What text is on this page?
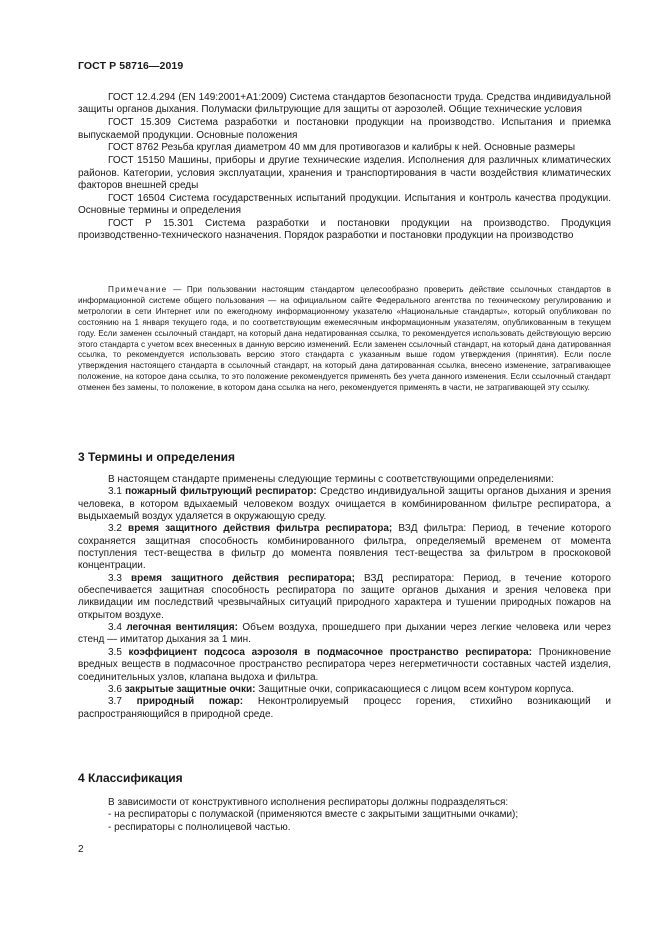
ГОСТ Р 58716—2019

ГОСТ 12.4.294 (EN 149:2001+A1:2009) Система стандартов безопасности труда. Средства индивидуальной защиты органов дыхания. Полумаски фильтрующие для защиты от аэрозолей. Общие технические условия

ГОСТ 15.309 Система разработки и постановки продукции на производство. Испытания и приемка выпускаемой продукции. Основные положения

ГОСТ 8762 Резьба круглая диаметром 40 мм для противогазов и калибры к ней. Основные размеры

ГОСТ 15150 Машины, приборы и другие технические изделия. Исполнения для различных климатических районов. Категории, условия эксплуатации, хранения и транспортирования в части воздействия климатических факторов внешней среды

ГОСТ 16504 Система государственных испытаний продукции. Испытания и контроль качества продукции. Основные термины и определения

ГОСТ Р 15.301 Система разработки и постановки продукции на производство. Продукция производственно-технического назначения. Порядок разработки и постановки продукции на производство

Примечание — При пользовании настоящим стандартом целесообразно проверить действие ссылочных стандартов в информационной системе общего пользования — на официальном сайте Федерального агентства по техническому регулированию и метрологии в сети Интернет или по ежегодному информационному указателю «Национальные стандарты», который опубликован по состоянию на 1 января текущего года, и по соответствующим ежемесячным информационным указателям, опубликованным в текущем году. Если заменен ссылочный стандарт, на который дана недатированная ссылка, то рекомендуется использовать действующую версию этого стандарта с учетом всех внесенных в данную версию изменений. Если заменен ссылочный стандарт, на который дана датированная ссылка, то рекомендуется использовать версию этого стандарта с указанным выше годом утверждения (принятия). Если после утверждения настоящего стандарта в ссылочный стандарт, на который дана датированная ссылка, внесено изменение, затрагивающее положение, на которое дана ссылка, то это положение рекомендуется применять без учета данного изменения. Если ссылочный стандарт отменен без замены, то положение, в котором дана ссылка на него, рекомендуется применять в части, не затрагивающей эту ссылку.

3 Термины и определения

В настоящем стандарте применены следующие термины с соответствующими определениями:

3.1 пожарный фильтрующий респиратор: Средство индивидуальной защиты органов дыхания и зрения человека, в котором вдыхаемый человеком воздух очищается в комбинированном фильтре респиратора, а выдыхаемый воздух удаляется в окружающую среду.

3.2 время защитного действия фильтра респиратора; ВЗД фильтра: Период, в течение которого сохраняется защитная способность комбинированного фильтра, определяемый временем от момента поступления тест-вещества в фильтр до момента появления тест-вещества за фильтром в проскоковой концентрации.

3.3 время защитного действия респиратора; ВЗД респиратора: Период, в течение которого обеспечивается защитная способность респиратора по защите органов дыхания и зрения человека при ликвидации им последствий чрезвычайных ситуаций природного характера и тушении природных пожаров на открытом воздухе.

3.4 легочная вентиляция: Объем воздуха, прошедшего при дыхании через легкие человека или через стенд — имитатор дыхания за 1 мин.

3.5 коэффициент подсоса аэрозоля в подмасочное пространство респиратора: Проникновение вредных веществ в подмасочное пространство респиратора через негерметичности составных частей изделия, соединительных узлов, клапана выдоха и фильтра.

3.6 закрытые защитные очки: Защитные очки, соприкасающиеся с лицом всем контуром корпуса.

3.7 природный пожар: Неконтролируемый процесс горения, стихийно возникающий и распространяющийся в природной среде.

4 Классификация

В зависимости от конструктивного исполнения респираторы должны подразделяться:

- на респираторы с полумаской (применяются вместе с закрытыми защитными очками);

- респираторы с полнолицевой частью.

2
